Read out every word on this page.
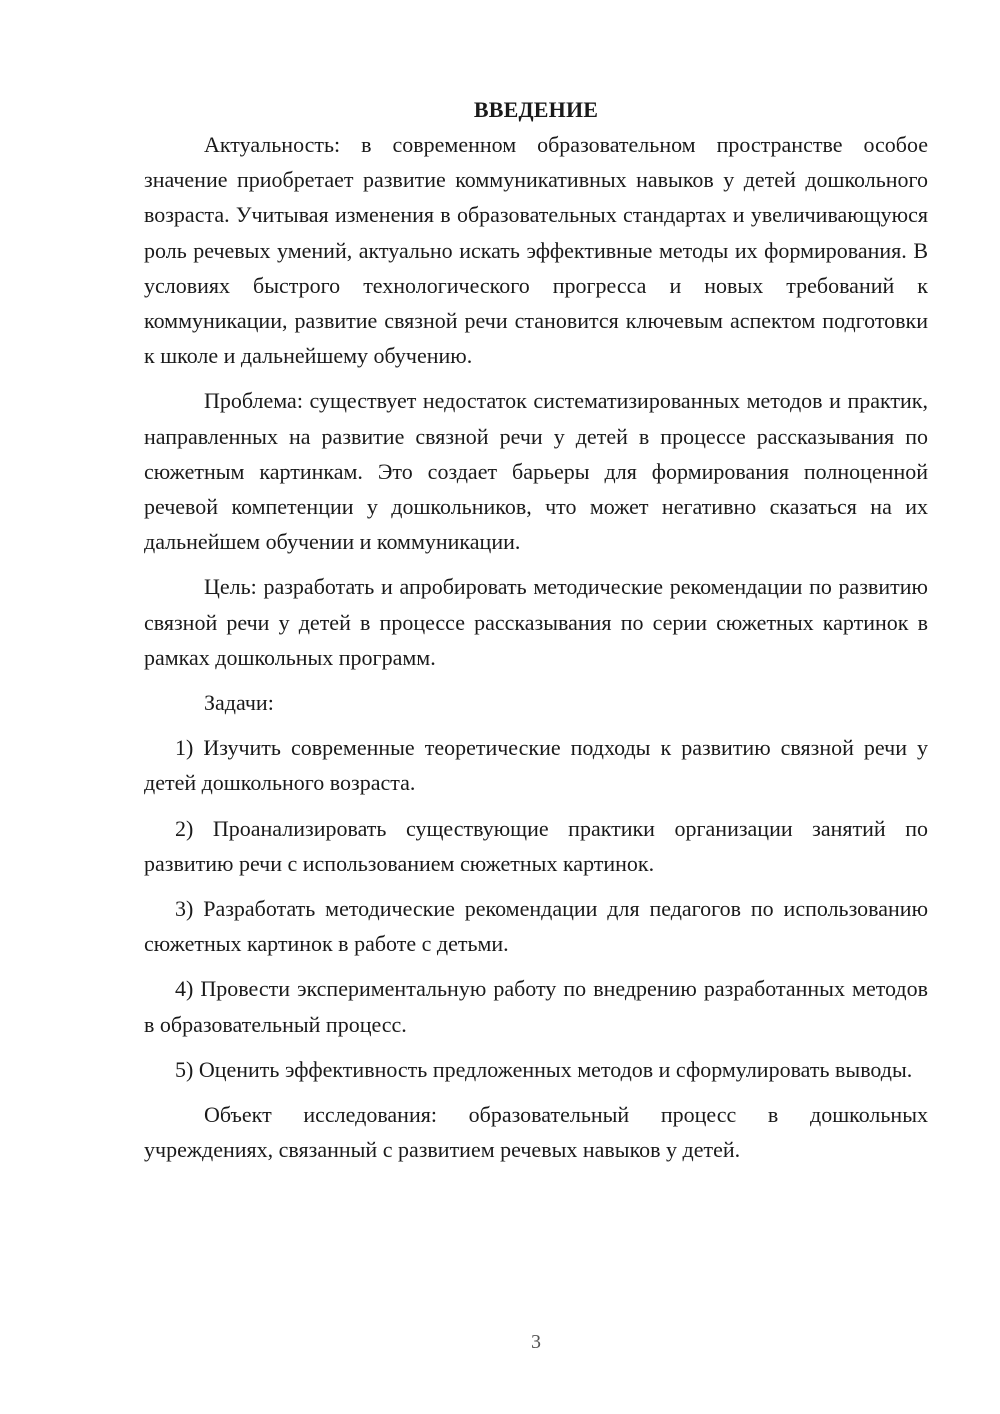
ВВЕДЕНИЕ

Актуальность: в современном образовательном пространстве особое значение приобретает развитие коммуникативных навыков у детей дошкольного возраста. Учитывая изменения в образовательных стандартах и увеличивающуюся роль речевых умений, актуально искать эффективные методы их формирования. В условиях быстрого технологического прогресса и новых требований к коммуникации, развитие связной речи становится ключевым аспектом подготовки к школе и дальнейшему обучению.

Проблема: существует недостаток систематизированных методов и практик, направленных на развитие связной речи у детей в процессе рассказывания по сюжетным картинкам. Это создает барьеры для формирования полноценной речевой компетенции у дошкольников, что может негативно сказаться на их дальнейшем обучении и коммуникации.

Цель: разработать и апробировать методические рекомендации по развитию связной речи у детей в процессе рассказывания по серии сюжетных картинок в рамках дошкольных программ.

Задачи:

1) Изучить современные теоретические подходы к развитию связной речи у детей дошкольного возраста.

2) Проанализировать существующие практики организации занятий по развитию речи с использованием сюжетных картинок.

3) Разработать методические рекомендации для педагогов по использованию сюжетных картинок в работе с детьми.

4) Провести экспериментальную работу по внедрению разработанных методов в образовательный процесс.

5) Оценить эффективность предложенных методов и сформулировать выводы.

Объект исследования: образовательный процесс в дошкольных учреждениях, связанный с развитием речевых навыков у детей.

3
